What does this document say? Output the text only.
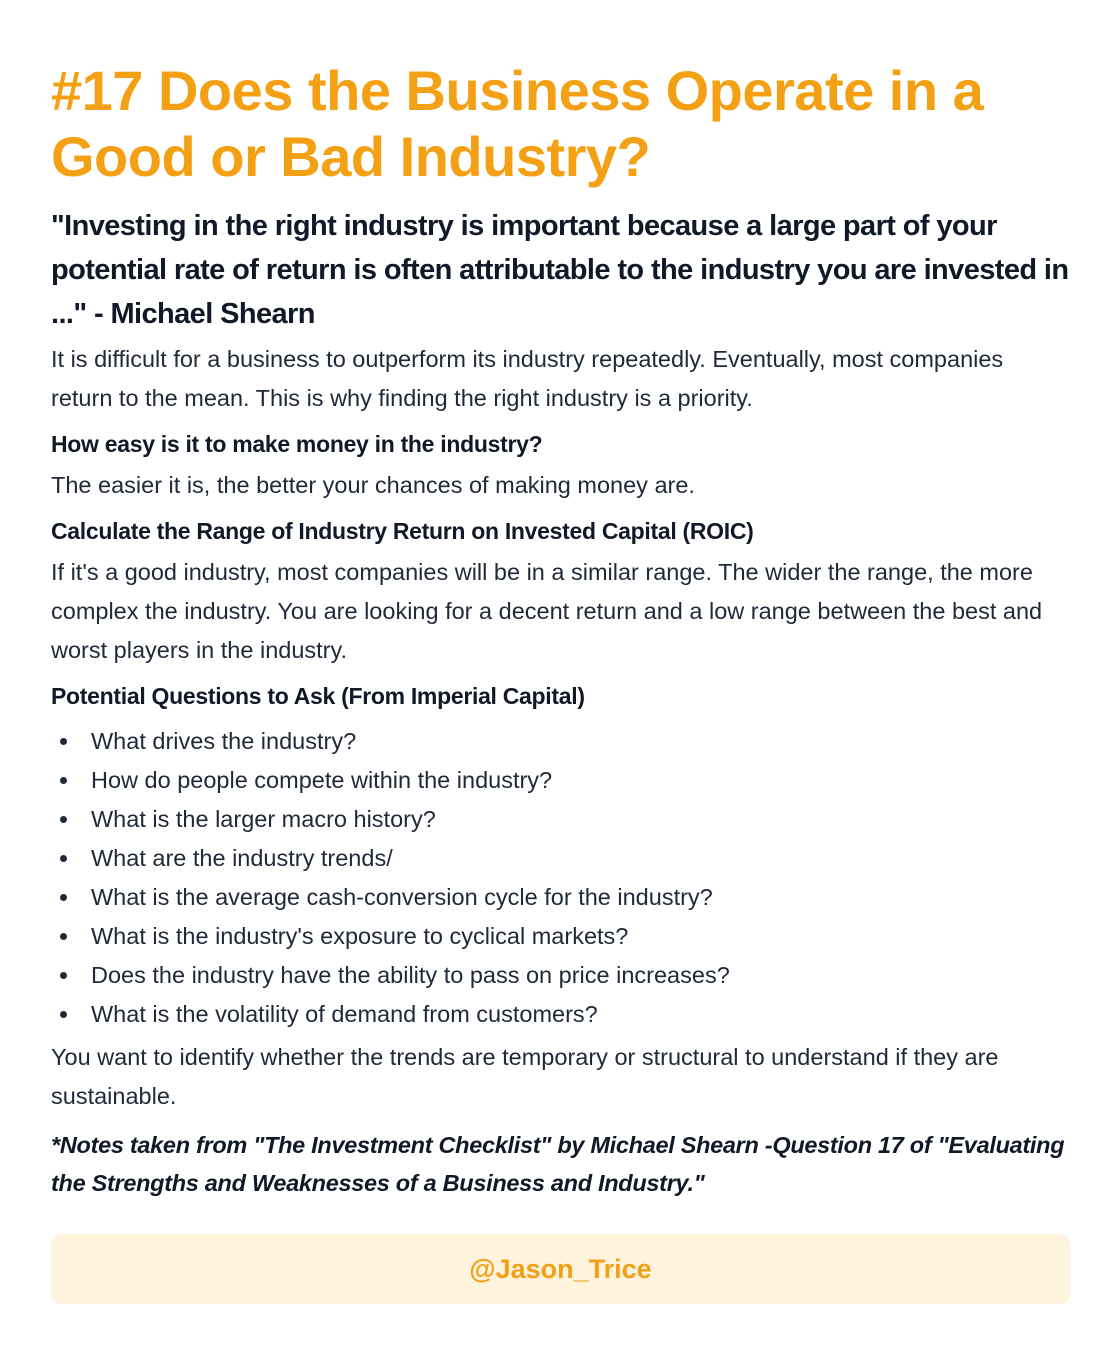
#17 Does the Business Operate in a Good or Bad Industry?

"Investing in the right industry is important because a large part of your potential rate of return is often attributable to the industry you are invested in ..." - Michael Shearn

It is difficult for a business to outperform its industry repeatedly. Eventually, most companies return to the mean. This is why finding the right industry is a priority.

How easy is it to make money in the industry?

The easier it is, the better your chances of making money are.

Calculate the Range of Industry Return on Invested Capital (ROIC)

If it's a good industry, most companies will be in a similar range. The wider the range, the more complex the industry. You are looking for a decent return and a low range between the best and worst players in the industry.

Potential Questions to Ask (From Imperial Capital)
What drives the industry?
How do people compete within the industry?
What is the larger macro history?
What are the industry trends/
What is the average cash-conversion cycle for the industry?
What is the industry's exposure to cyclical markets?
Does the industry have the ability to pass on price increases?
What is the volatility of demand from customers?

You want to identify whether the trends are temporary or structural to understand if they are sustainable.

*Notes taken from "The Investment Checklist" by Michael Shearn -Question 17 of "Evaluating the Strengths and Weaknesses of a Business and Industry."

@Jason_Trice
